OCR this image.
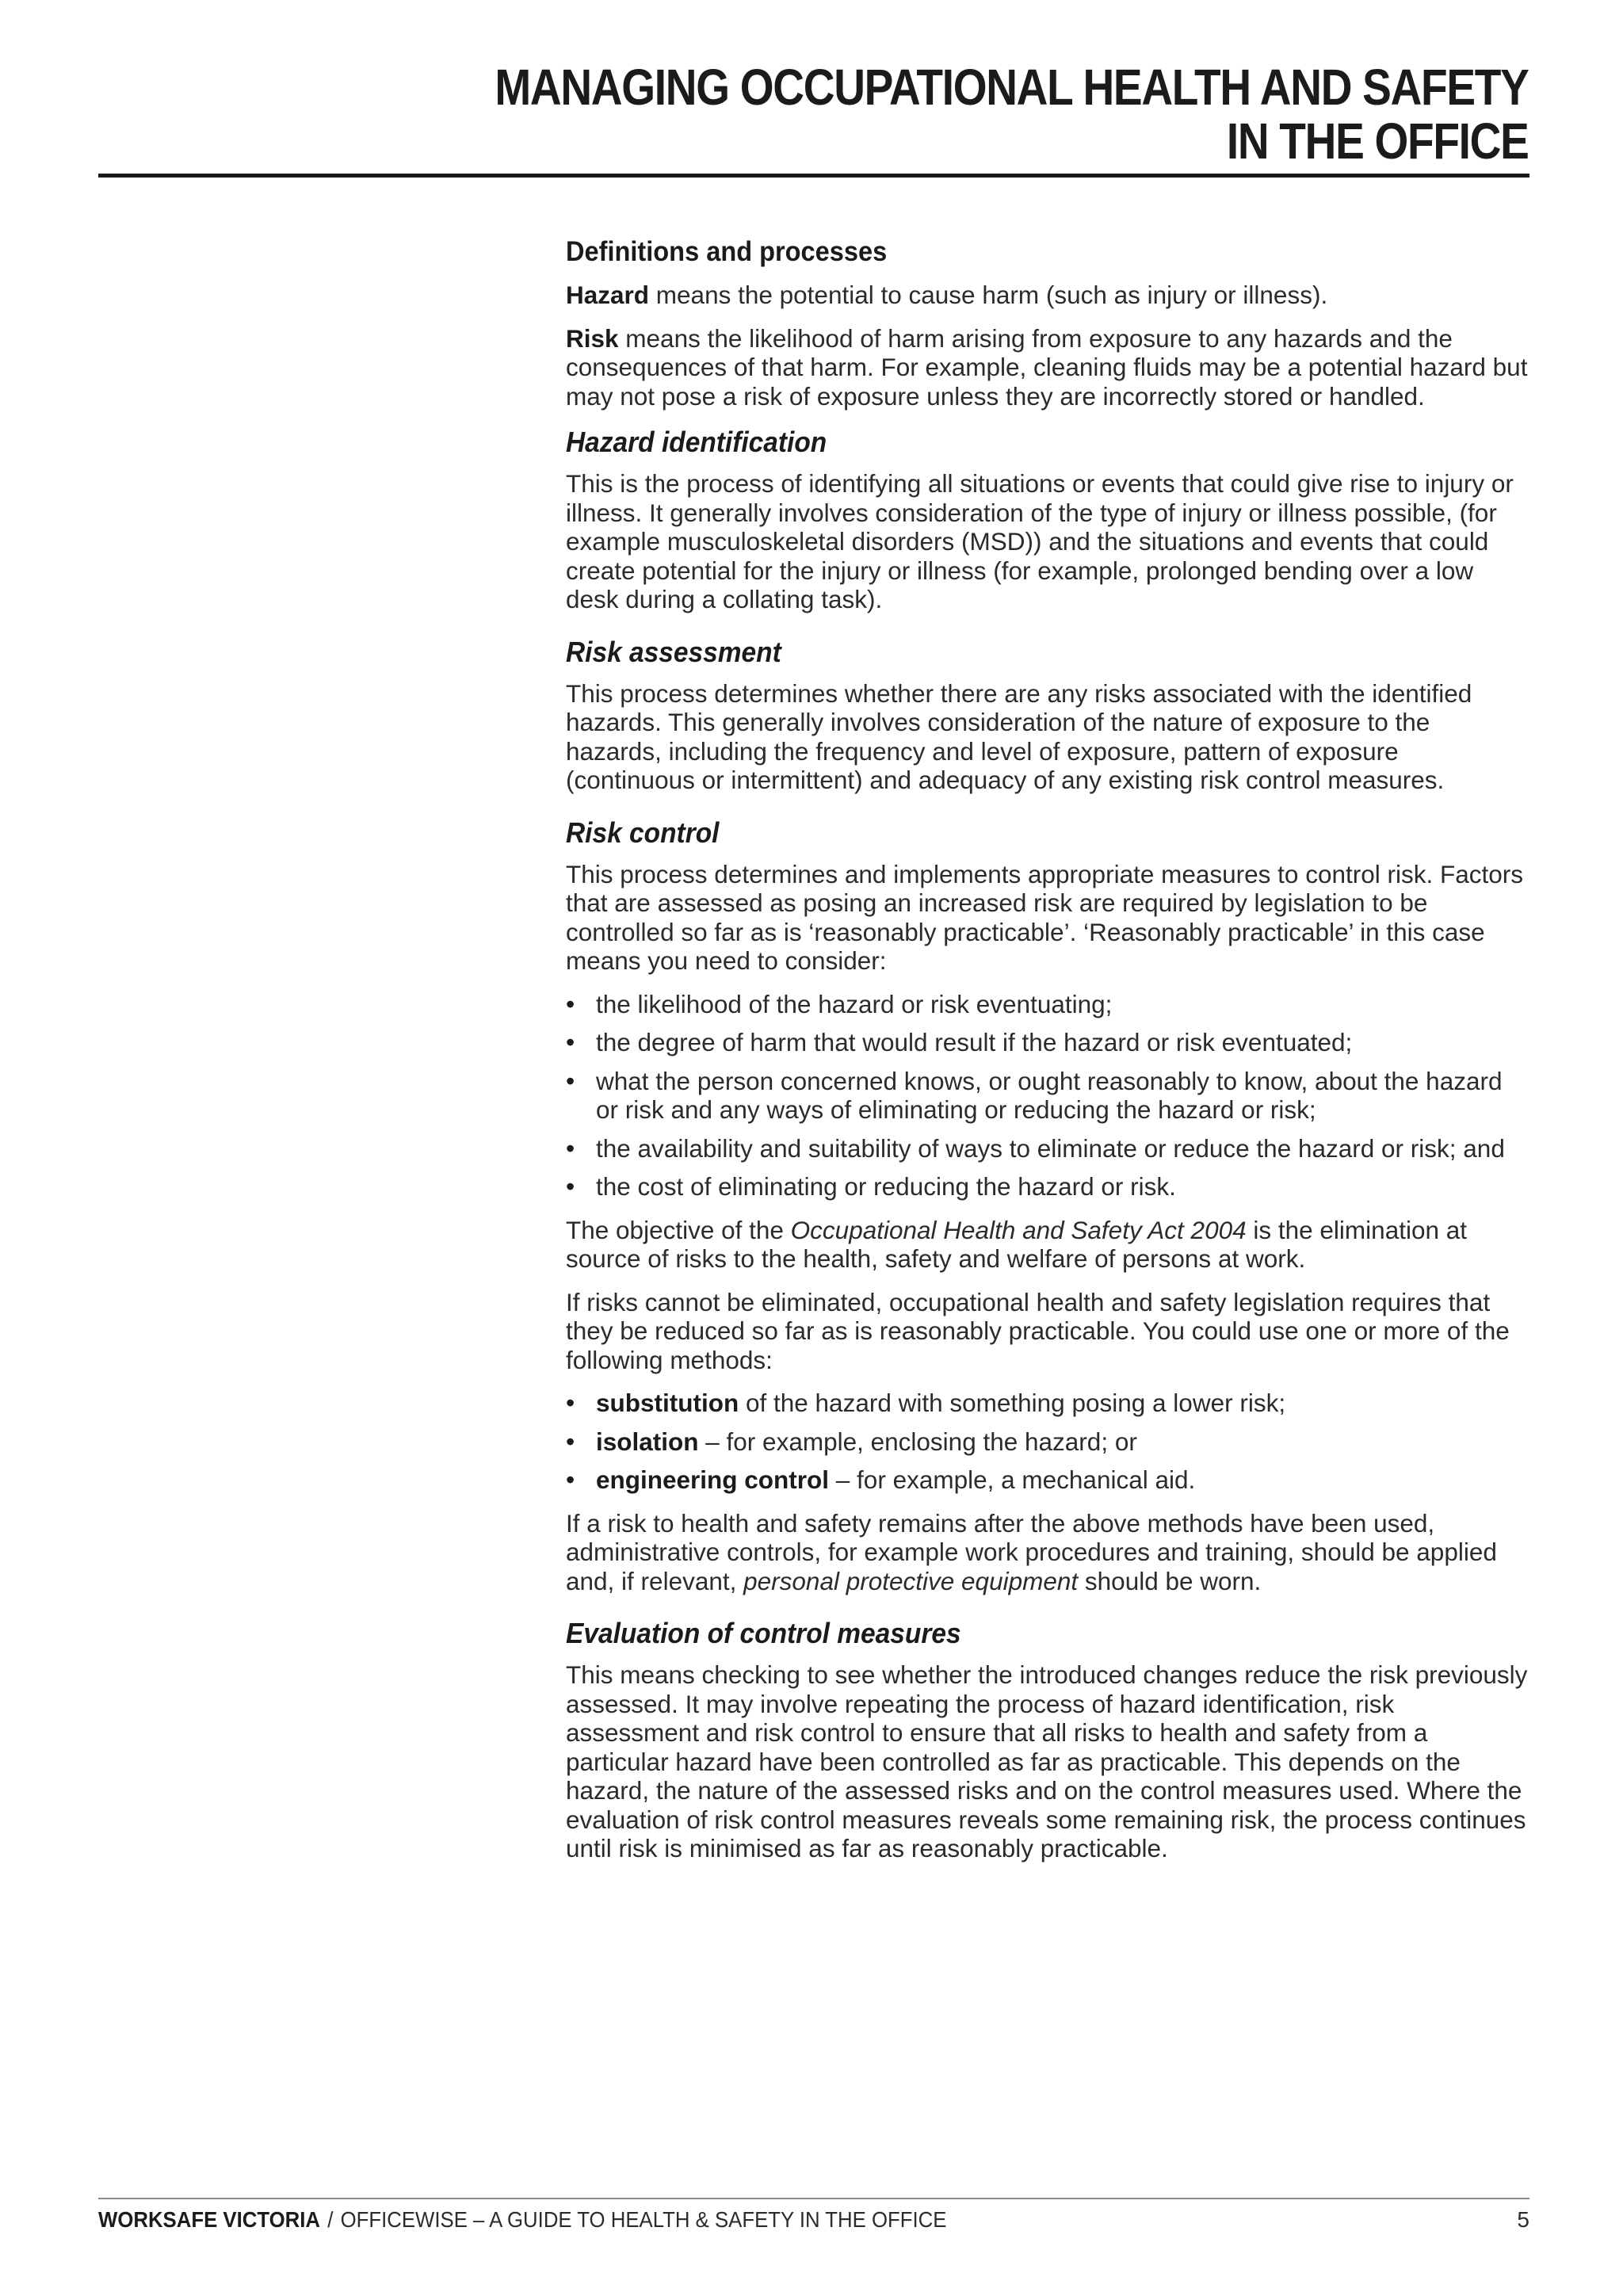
MANAGING OCCUPATIONAL HEALTH AND SAFETY
IN THE OFFICE
Definitions and processes

Hazard means the potential to cause harm (such as injury or illness).

Risk means the likelihood of harm arising from exposure to any hazards and the consequences of that harm. For example, cleaning fluids may be a potential hazard but may not pose a risk of exposure unless they are incorrectly stored or handled.

Hazard identification

This is the process of identifying all situations or events that could give rise to injury or illness. It generally involves consideration of the type of injury or illness possible, (for example musculoskeletal disorders (MSD)) and the situations and events that could create potential for the injury or illness (for example, prolonged bending over a low desk during a collating task).

Risk assessment

This process determines whether there are any risks associated with the identified hazards. This generally involves consideration of the nature of exposure to the hazards, including the frequency and level of exposure, pattern of exposure (continuous or intermittent) and adequacy of any existing risk control measures.

Risk control

This process determines and implements appropriate measures to control risk. Factors that are assessed as posing an increased risk are required by legislation to be controlled so far as is ‘reasonably practicable’. ‘Reasonably practicable’ in this case means you need to consider:

• the likelihood of the hazard or risk eventuating;
• the degree of harm that would result if the hazard or risk eventuated;
• what the person concerned knows, or ought reasonably to know, about the hazard or risk and any ways of eliminating or reducing the hazard or risk;
• the availability and suitability of ways to eliminate or reduce the hazard or risk; and
• the cost of eliminating or reducing the hazard or risk.

The objective of the Occupational Health and Safety Act 2004 is the elimination at source of risks to the health, safety and welfare of persons at work.

If risks cannot be eliminated, occupational health and safety legislation requires that they be reduced so far as is reasonably practicable. You could use one or more of the following methods:

• substitution of the hazard with something posing a lower risk;
• isolation – for example, enclosing the hazard; or
• engineering control – for example, a mechanical aid.

If a risk to health and safety remains after the above methods have been used, administrative controls, for example work procedures and training, should be applied and, if relevant, personal protective equipment should be worn.

Evaluation of control measures

This means checking to see whether the introduced changes reduce the risk previously assessed. It may involve repeating the process of hazard identification, risk assessment and risk control to ensure that all risks to health and safety from a particular hazard have been controlled as far as practicable. This depends on the hazard, the nature of the assessed risks and on the control measures used. Where the evaluation of risk control measures reveals some remaining risk, the process continues until risk is minimised as far as reasonably practicable.

WORKSAFE VICTORIA / OFFICEWISE – A GUIDE TO HEALTH & SAFETY IN THE OFFICE	5
